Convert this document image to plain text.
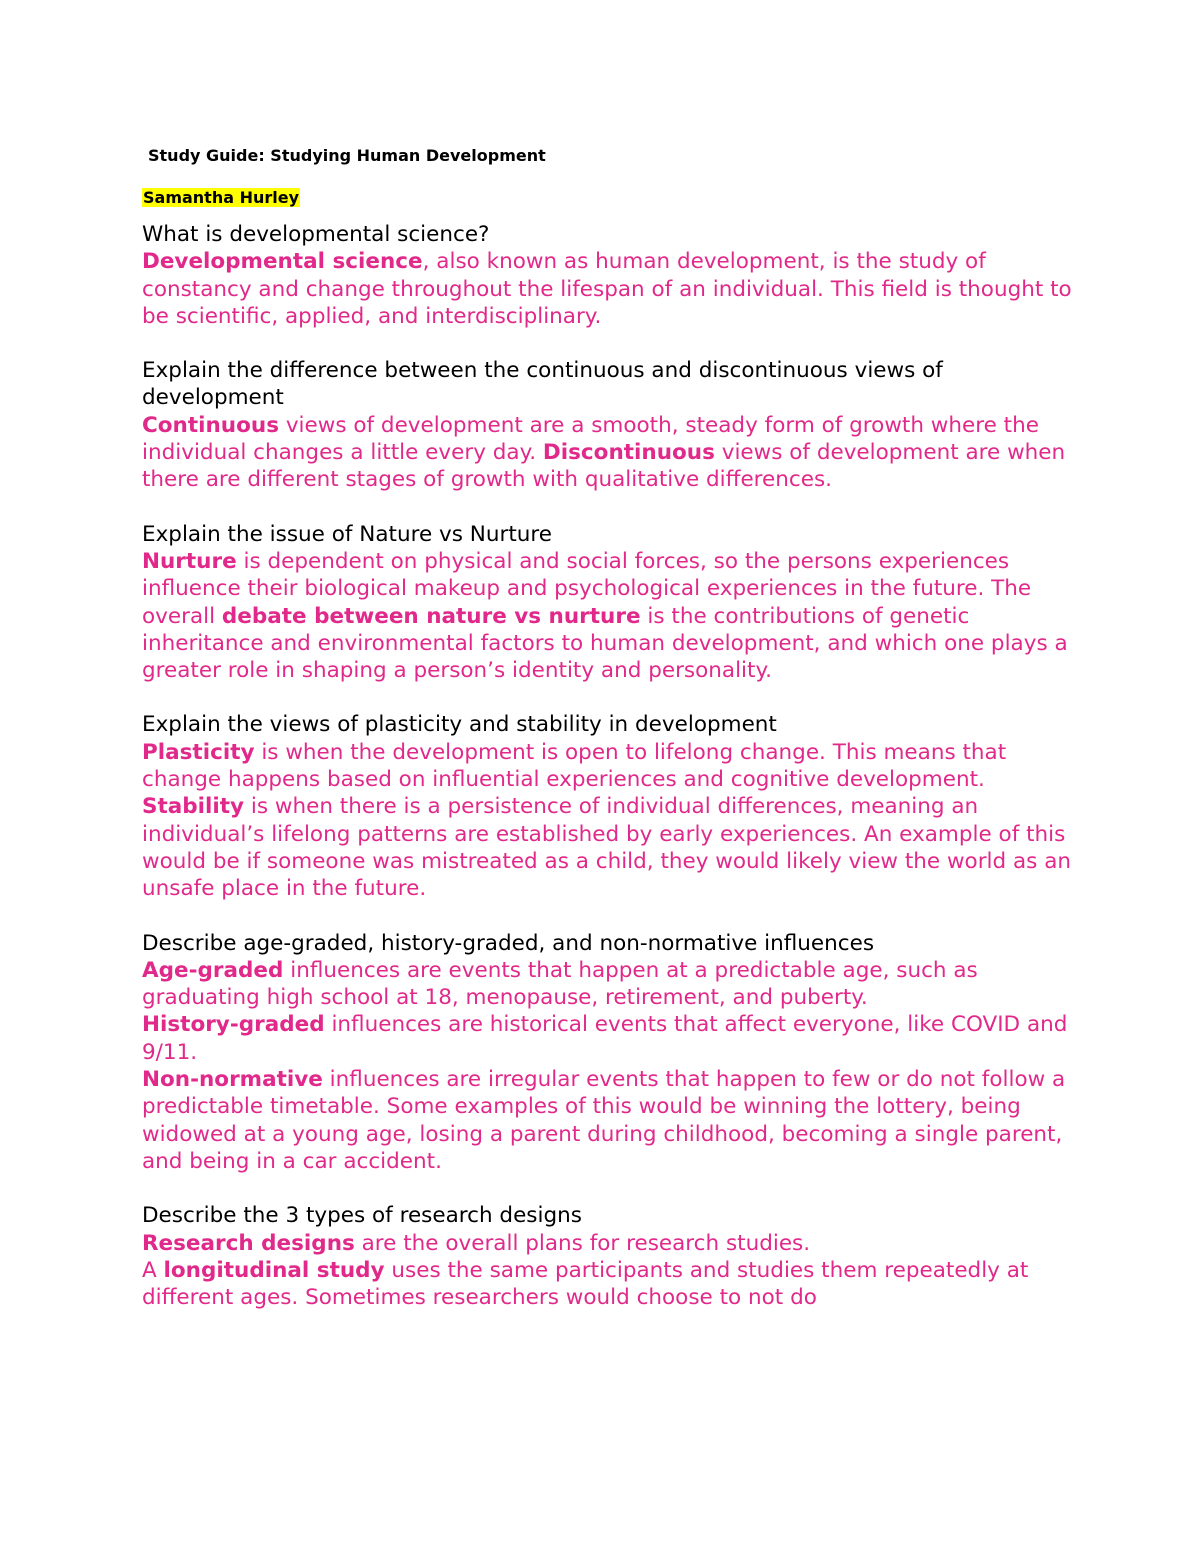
Study Guide: Studying Human Development
Samantha Hurley

What is developmental science?

Developmental science, also known as human development, is the study of constancy and change throughout the lifespan of an individual. This field is thought to be scientific, applied, and interdisciplinary.

Explain the difference between the continuous and discontinuous views of development

Continuous views of development are a smooth, steady form of growth where the individual changes a little every day. Discontinuous views of development are when there are different stages of growth with qualitative differences.

Explain the issue of Nature vs Nurture

Nurture is dependent on physical and social forces, so the persons experiences influence their biological makeup and psychological experiences in the future. The overall debate between nature vs nurture is the contributions of genetic inheritance and environmental factors to human development, and which one plays a greater role in shaping a person’s identity and personality.

Explain the views of plasticity and stability in development

Plasticity is when the development is open to lifelong change. This means that change happens based on influential experiences and cognitive development. Stability is when there is a persistence of individual differences, meaning an individual’s lifelong patterns are established by early experiences. An example of this would be if someone was mistreated as a child, they would likely view the world as an unsafe place in the future.

Describe age-graded, history-graded, and non-normative influences

Age-graded influences are events that happen at a predictable age, such as graduating high school at 18, menopause, retirement, and puberty.

History-graded influences are historical events that affect everyone, like COVID and 9/11.

Non-normative influences are irregular events that happen to few or do not follow a predictable timetable. Some examples of this would be winning the lottery, being widowed at a young age, losing a parent during childhood, becoming a single parent, and being in a car accident.

Describe the 3 types of research designs

Research designs are the overall plans for research studies.

A longitudinal study uses the same participants and studies them repeatedly at different ages. Sometimes researchers would choose to not do
